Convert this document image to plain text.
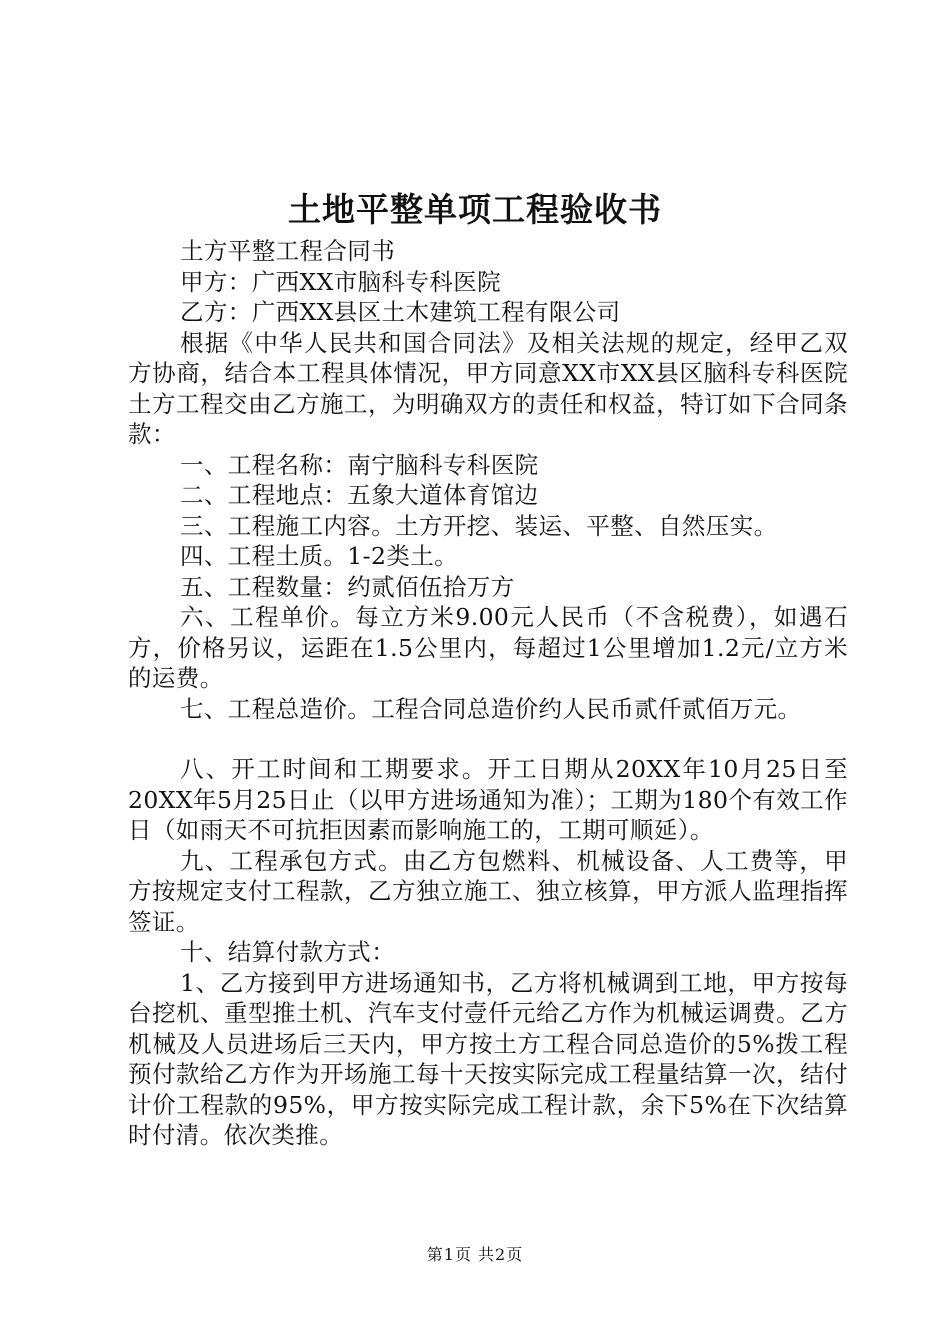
土地平整单项工程验收书

土方平整工程合同书

甲方：广西XX市脑科专科医院

乙方：广西XX县区土木建筑工程有限公司

根据《中华人民共和国合同法》及相关法规的规定，经甲乙双方协商，结合本工程具体情况，甲方同意XX市XX县区脑科专科医院土方工程交由乙方施工，为明确双方的责任和权益，特订如下合同条款：

一、工程名称：南宁脑科专科医院

二、工程地点：五象大道体育馆边

三、工程施工内容。土方开挖、装运、平整、自然压实。

四、工程土质。1-2类土。

五、工程数量：约贰佰伍拾万方

六、工程单价。每立方米9.00元人民币（不含税费），如遇石方，价格另议，运距在1.5公里内，每超过1公里增加1.2元/立方米的运费。

七、工程总造价。工程合同总造价约人民币贰仟贰佰万元。

八、开工时间和工期要求。开工日期从20XX年10月25日至20XX年5月25日止（以甲方进场通知为准）；工期为180个有效工作日（如雨天不可抗拒因素而影响施工的，工期可顺延）。

九、工程承包方式。由乙方包燃料、机械设备、人工费等，甲方按规定支付工程款，乙方独立施工、独立核算，甲方派人监理指挥签证。

十、结算付款方式：

1、乙方接到甲方进场通知书，乙方将机械调到工地，甲方按每台挖机、重型推土机、汽车支付壹仟元给乙方作为机械运调费。乙方机械及人员进场后三天内，甲方按土方工程合同总造价的5%拨工程预付款给乙方作为开场施工每十天按实际完成工程量结算一次，结付计价工程款的95%，甲方按实际完成工程计款，余下5%在下次结算时付清。依次类推。

第1页 共2页
